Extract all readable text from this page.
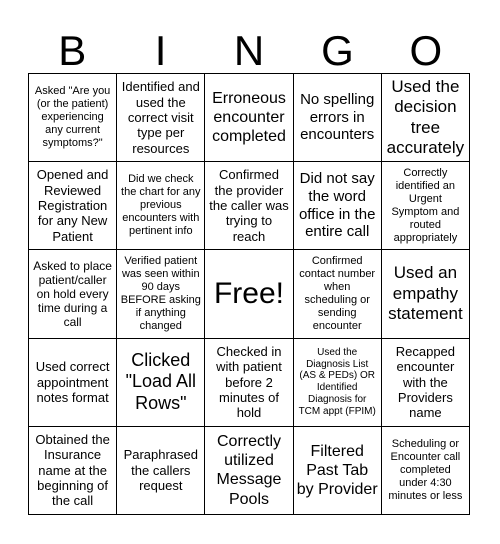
B	I	N	G	O
Asked "Are you (or the patient) experiencing any current symptoms?"
Identified and used the correct visit type per resources
Erroneous encounter completed
No spelling errors in encounters
Used the decision tree accurately
Opened and Reviewed Registration for any New Patient
Did we check the chart for any previous encounters with pertinent info
Confirmed the provider the caller was trying to reach
Did not say the word office in the entire call
Correctly identified an Urgent Symptom and routed appropriately
Asked to place patient/caller on hold every time during a call
Verified patient was seen within 90 days BEFORE asking if anything changed
Free!
Confirmed contact number when scheduling or sending encounter
Used an empathy statement
Used correct appointment notes format
Clicked "Load All Rows"
Checked in with patient before 2 minutes of hold
Used the Diagnosis List (AS & PEDs) OR Identified Diagnosis for TCM appt (FPIM)
Recapped encounter with the Providers name
Obtained the Insurance name at the beginning of the call
Paraphrased the callers request
Correctly utilized Message Pools
Filtered Past Tab by Provider
Scheduling or Encounter call completed under 4:30 minutes or less
